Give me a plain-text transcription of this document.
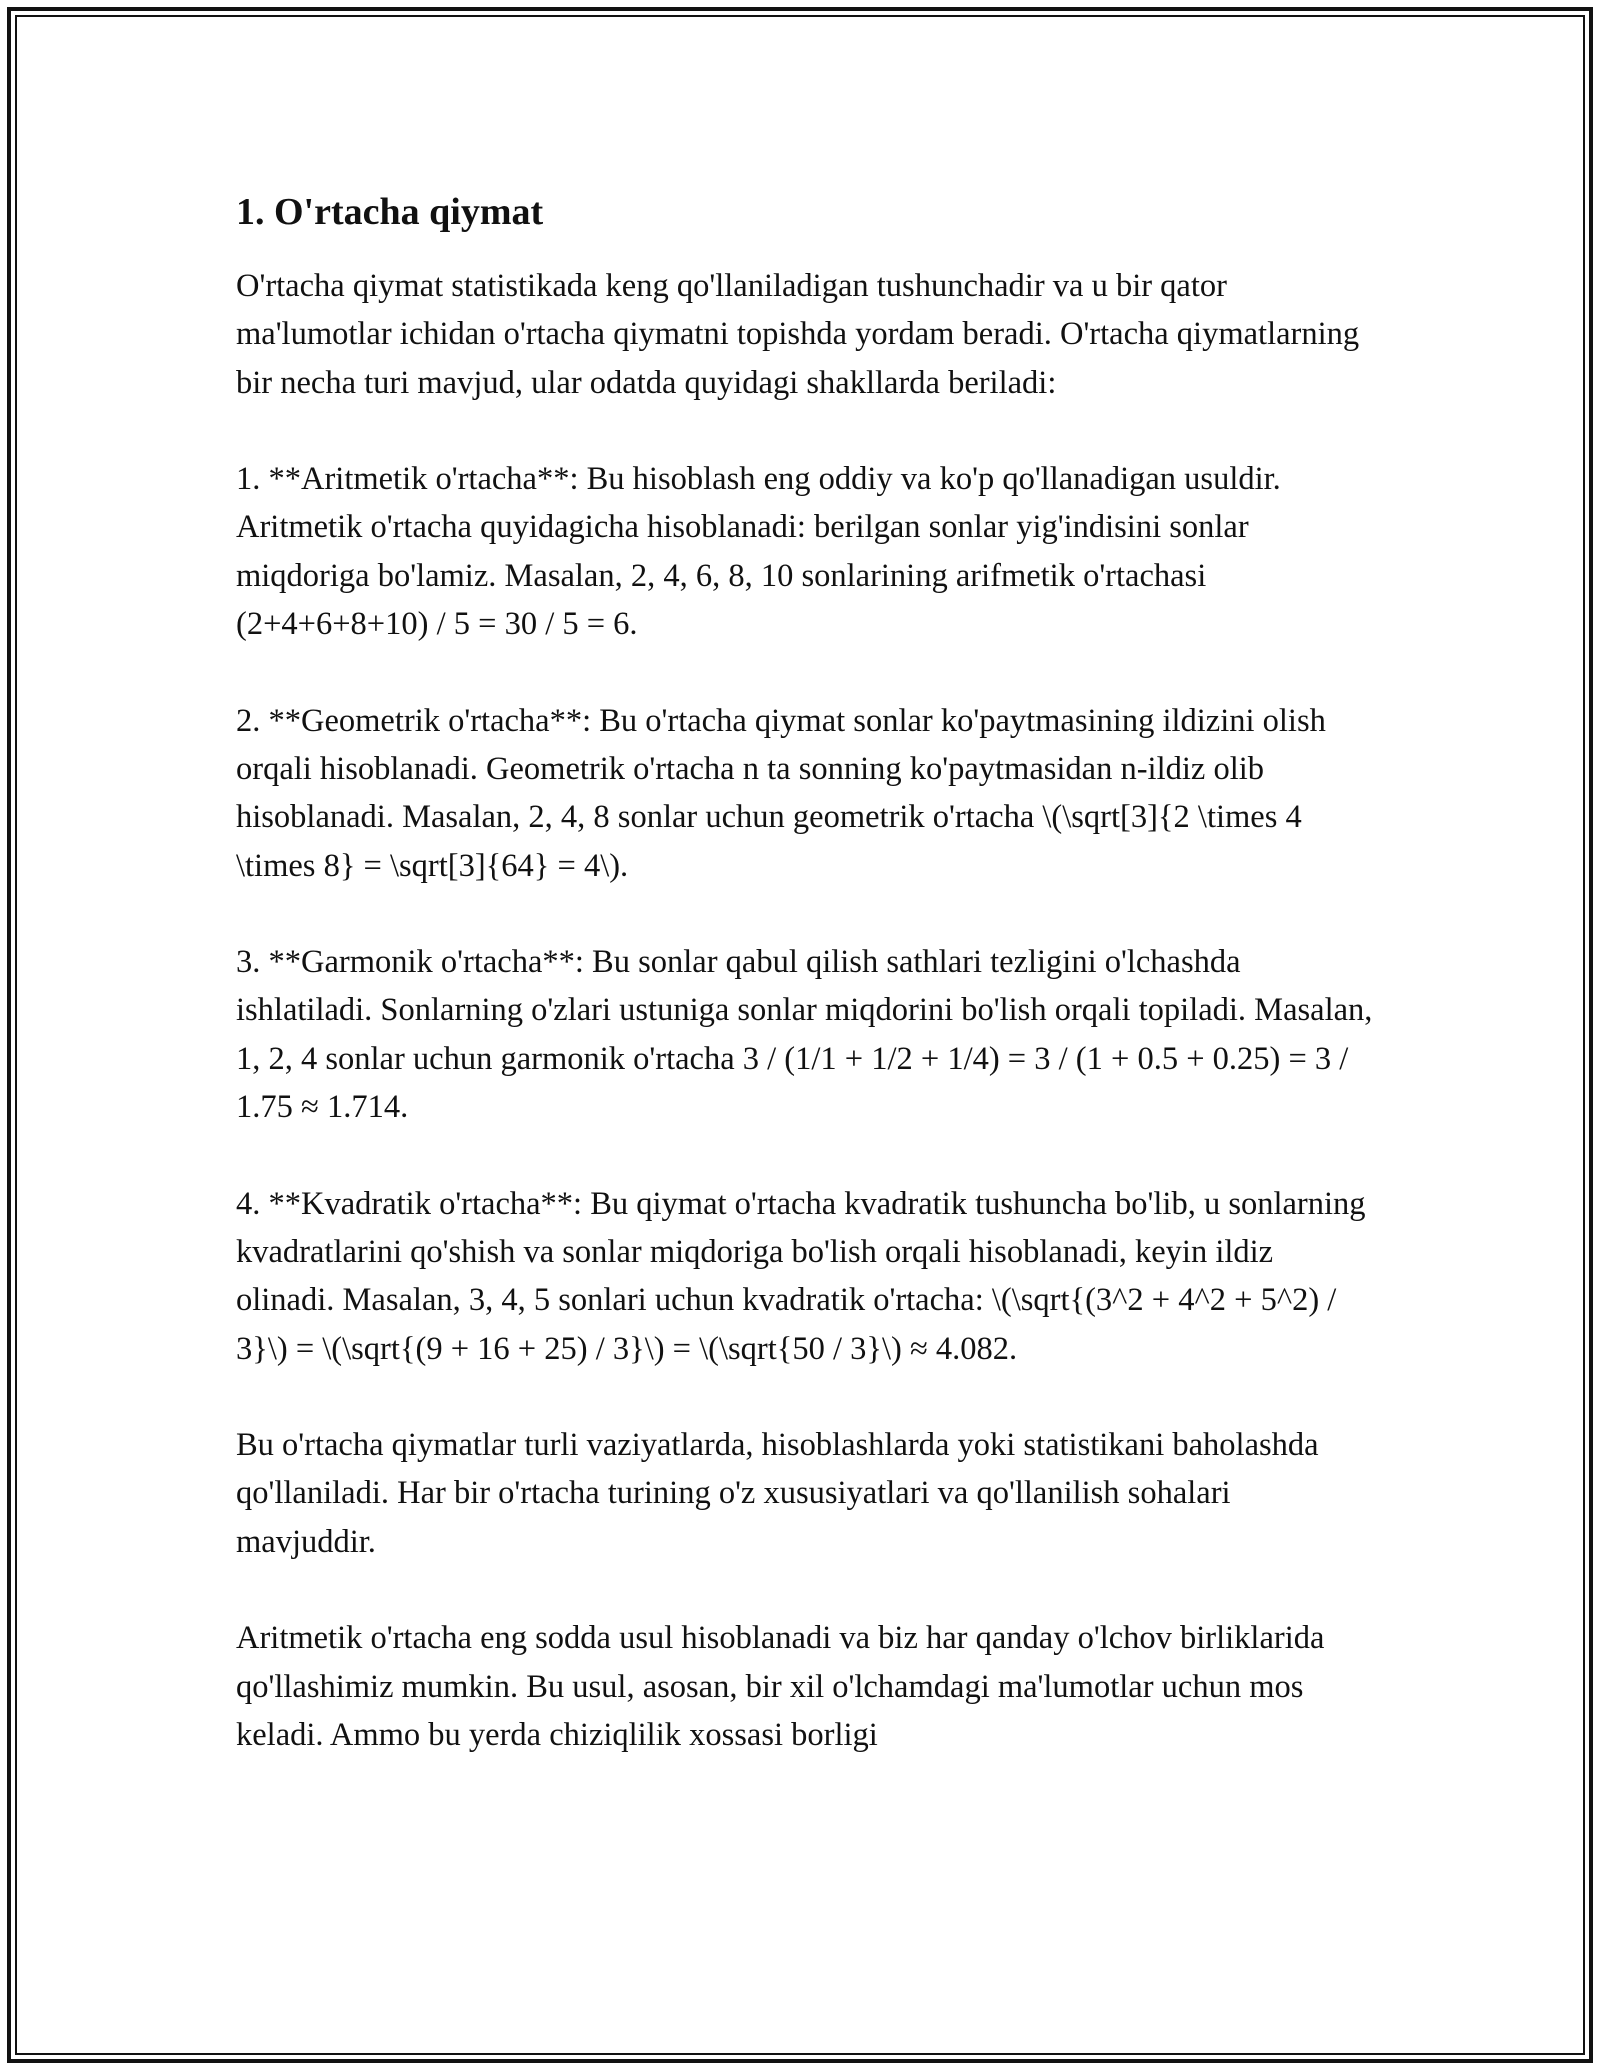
1. O'rtacha qiymat

O'rtacha qiymat statistikada keng qo'llaniladigan tushunchadir va u bir qator ma'lumotlar ichidan o'rtacha qiymatni topishda yordam beradi. O'rtacha qiymatlarning bir necha turi mavjud, ular odatda quyidagi shakllarda beriladi:

1. **Aritmetik o'rtacha**: Bu hisoblash eng oddiy va ko'p qo'llanadigan usuldir. Aritmetik o'rtacha quyidagicha hisoblanadi: berilgan sonlar yig'indisini sonlar miqdoriga bo'lamiz. Masalan, 2, 4, 6, 8, 10 sonlarining arifmetik o'rtachasi (2+4+6+8+10) / 5 = 30 / 5 = 6.

2. **Geometrik o'rtacha**: Bu o'rtacha qiymat sonlar ko'paytmasining ildizini olish orqali hisoblanadi. Geometrik o'rtacha n ta sonning ko'paytmasidan n-ildiz olib hisoblanadi. Masalan, 2, 4, 8 sonlar uchun geometrik o'rtacha \(\sqrt[3]{2 \times 4 \times 8} = \sqrt[3]{64} = 4\).

3. **Garmonik o'rtacha**: Bu sonlar qabul qilish sathlari tezligini o'lchashda ishlatiladi. Sonlarning o'zlari ustuniga sonlar miqdorini bo'lish orqali topiladi. Masalan, 1, 2, 4 sonlar uchun garmonik o'rtacha 3 / (1/1 + 1/2 + 1/4) = 3 / (1 + 0.5 + 0.25) = 3 / 1.75 ≈ 1.714.

4. **Kvadratik o'rtacha**: Bu qiymat o'rtacha kvadratik tushuncha bo'lib, u sonlarning kvadratlarini qo'shish va sonlar miqdoriga bo'lish orqali hisoblanadi, keyin ildiz olinadi. Masalan, 3, 4, 5 sonlari uchun kvadratik o'rtacha: \(\sqrt{(3^2 + 4^2 + 5^2) / 3}\) = \(\sqrt{(9 + 16 + 25) / 3}\) = \(\sqrt{50 / 3}\) ≈ 4.082.

Bu o'rtacha qiymatlar turli vaziyatlarda, hisoblashlarda yoki statistikani baholashda qo'llaniladi. Har bir o'rtacha turining o'z xususiyatlari va qo'llanilish sohalari mavjuddir.

Aritmetik o'rtacha eng sodda usul hisoblanadi va biz har qanday o'lchov birliklarida qo'llashimiz mumkin. Bu usul, asosan, bir xil o'lchamdagi ma'lumotlar uchun mos keladi. Ammo bu yerda chiziqlilik xossasi borligi
